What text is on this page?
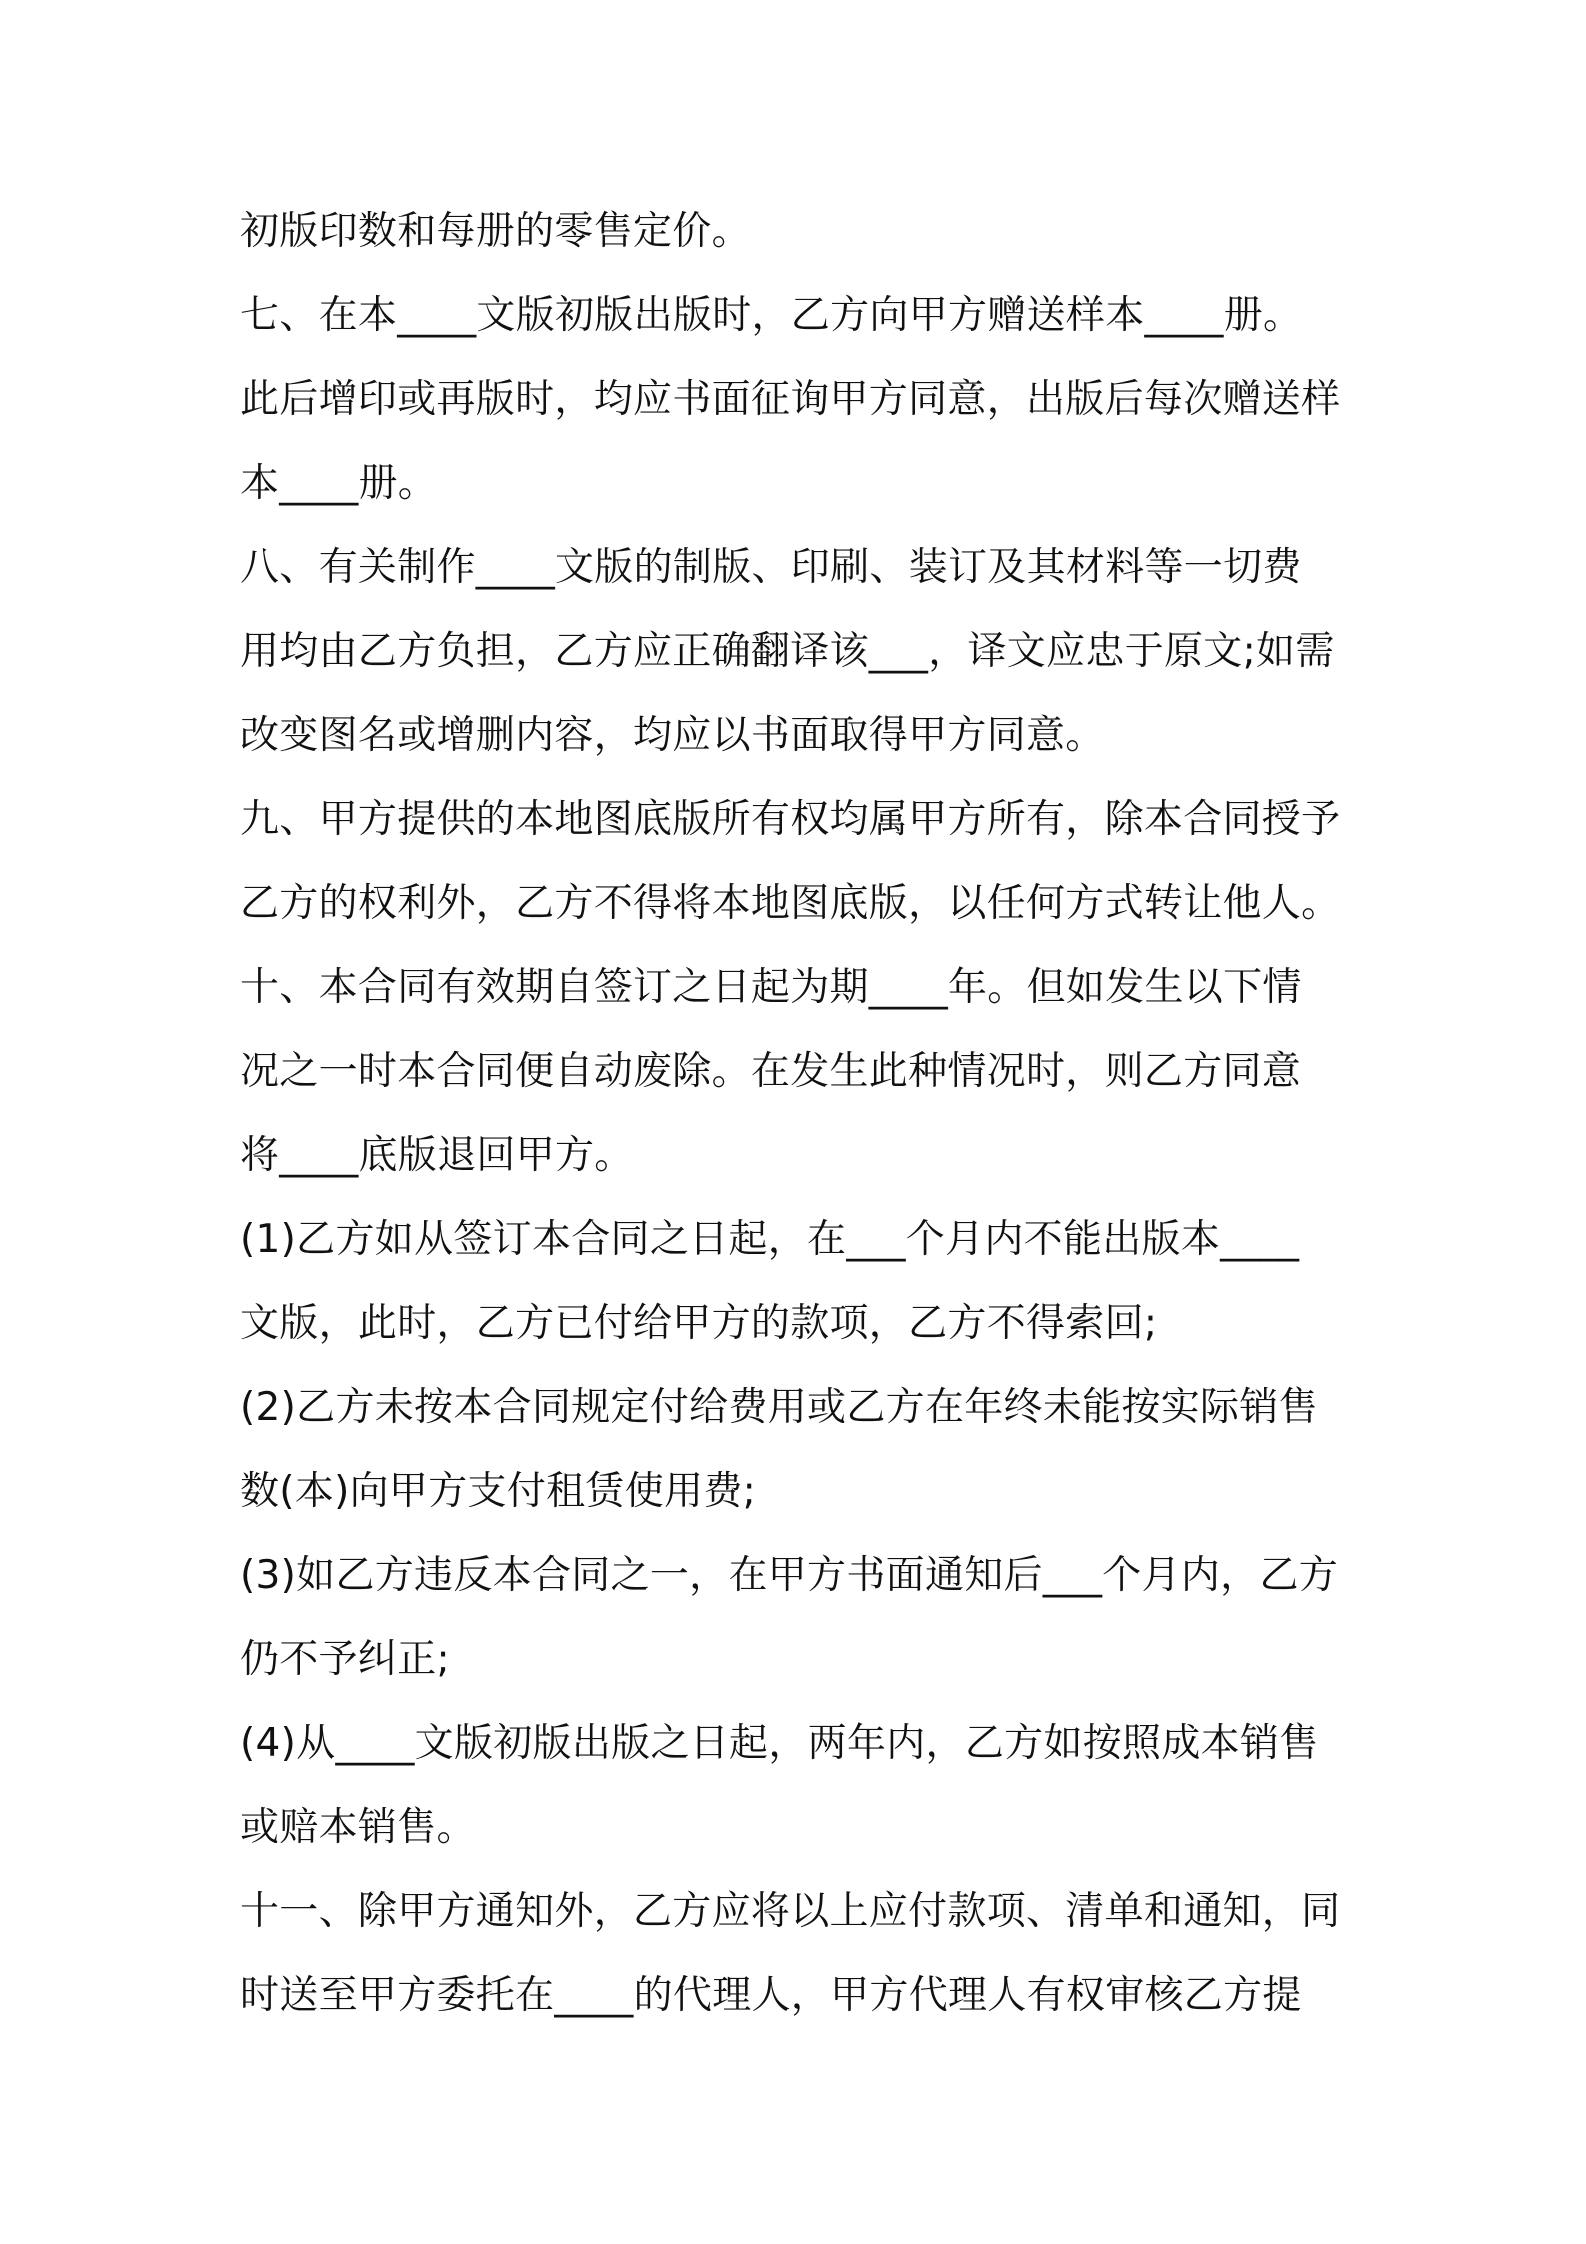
初版印数和每册的零售定价。
七、在本____文版初版出版时，乙方向甲方赠送样本____册。
此后增印或再版时，均应书面征询甲方同意，出版后每次赠送样
本____册。
八、有关制作____文版的制版、印刷、装订及其材料等一切费
用均由乙方负担，乙方应正确翻译该___，译文应忠于原文;如需
改变图名或增删内容，均应以书面取得甲方同意。
九、甲方提供的本地图底版所有权均属甲方所有，除本合同授予
乙方的权利外，乙方不得将本地图底版，以任何方式转让他人。
十、本合同有效期自签订之日起为期____年。但如发生以下情
况之一时本合同便自动废除。在发生此种情况时，则乙方同意
将____底版退回甲方。
(1)乙方如从签订本合同之日起，在___个月内不能出版本____
文版，此时，乙方已付给甲方的款项，乙方不得索回;
(2)乙方未按本合同规定付给费用或乙方在年终未能按实际销售
数(本)向甲方支付租赁使用费;
(3)如乙方违反本合同之一，在甲方书面通知后___个月内，乙方
仍不予纠正;
(4)从____文版初版出版之日起，两年内，乙方如按照成本销售
或赔本销售。
十一、除甲方通知外，乙方应将以上应付款项、清单和通知，同
时送至甲方委托在____的代理人，甲方代理人有权审核乙方提
